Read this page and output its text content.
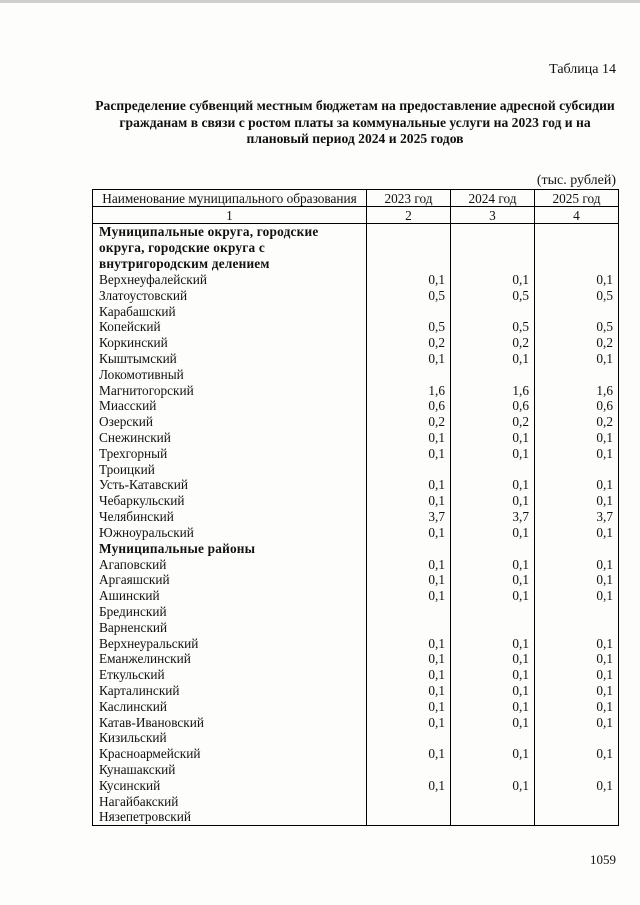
Таблица 14
Распределение субвенций местным бюджетам на предоставление адресной субсидии гражданам в связи с ростом платы за коммунальные услуги на 2023 год и на плановый период 2024 и 2025 годов
(тыс. рублей)
Наименование муниципального образования	2023 год	2024 год	2025 год
1	2	3	4
Муниципальные округа, городские округа, городские округа с внутригородским делением			
Верхнеуфалейский	0,1	0,1	0,1
Златоустовский	0,5	0,5	0,5
Карабашский			
Копейский	0,5	0,5	0,5
Коркинский	0,2	0,2	0,2
Кыштымский	0,1	0,1	0,1
Локомотивный			
Магнитогорский	1,6	1,6	1,6
Миасский	0,6	0,6	0,6
Озерский	0,2	0,2	0,2
Снежинский	0,1	0,1	0,1
Трехгорный	0,1	0,1	0,1
Троицкий			
Усть-Катавский	0,1	0,1	0,1
Чебаркульский	0,1	0,1	0,1
Челябинский	3,7	3,7	3,7
Южноуральский	0,1	0,1	0,1
Муниципальные районы			
Агаповский	0,1	0,1	0,1
Аргаяшский	0,1	0,1	0,1
Ашинский	0,1	0,1	0,1
Брединский			
Варненский			
Верхнеуральский	0,1	0,1	0,1
Еманжелинский	0,1	0,1	0,1
Еткульский	0,1	0,1	0,1
Карталинский	0,1	0,1	0,1
Каслинский	0,1	0,1	0,1
Катав-Ивановский	0,1	0,1	0,1
Кизильский			
Красноармейский	0,1	0,1	0,1
Кунашакский			
Кусинский	0,1	0,1	0,1
Нагайбакский			
Нязепетровский			
1059
